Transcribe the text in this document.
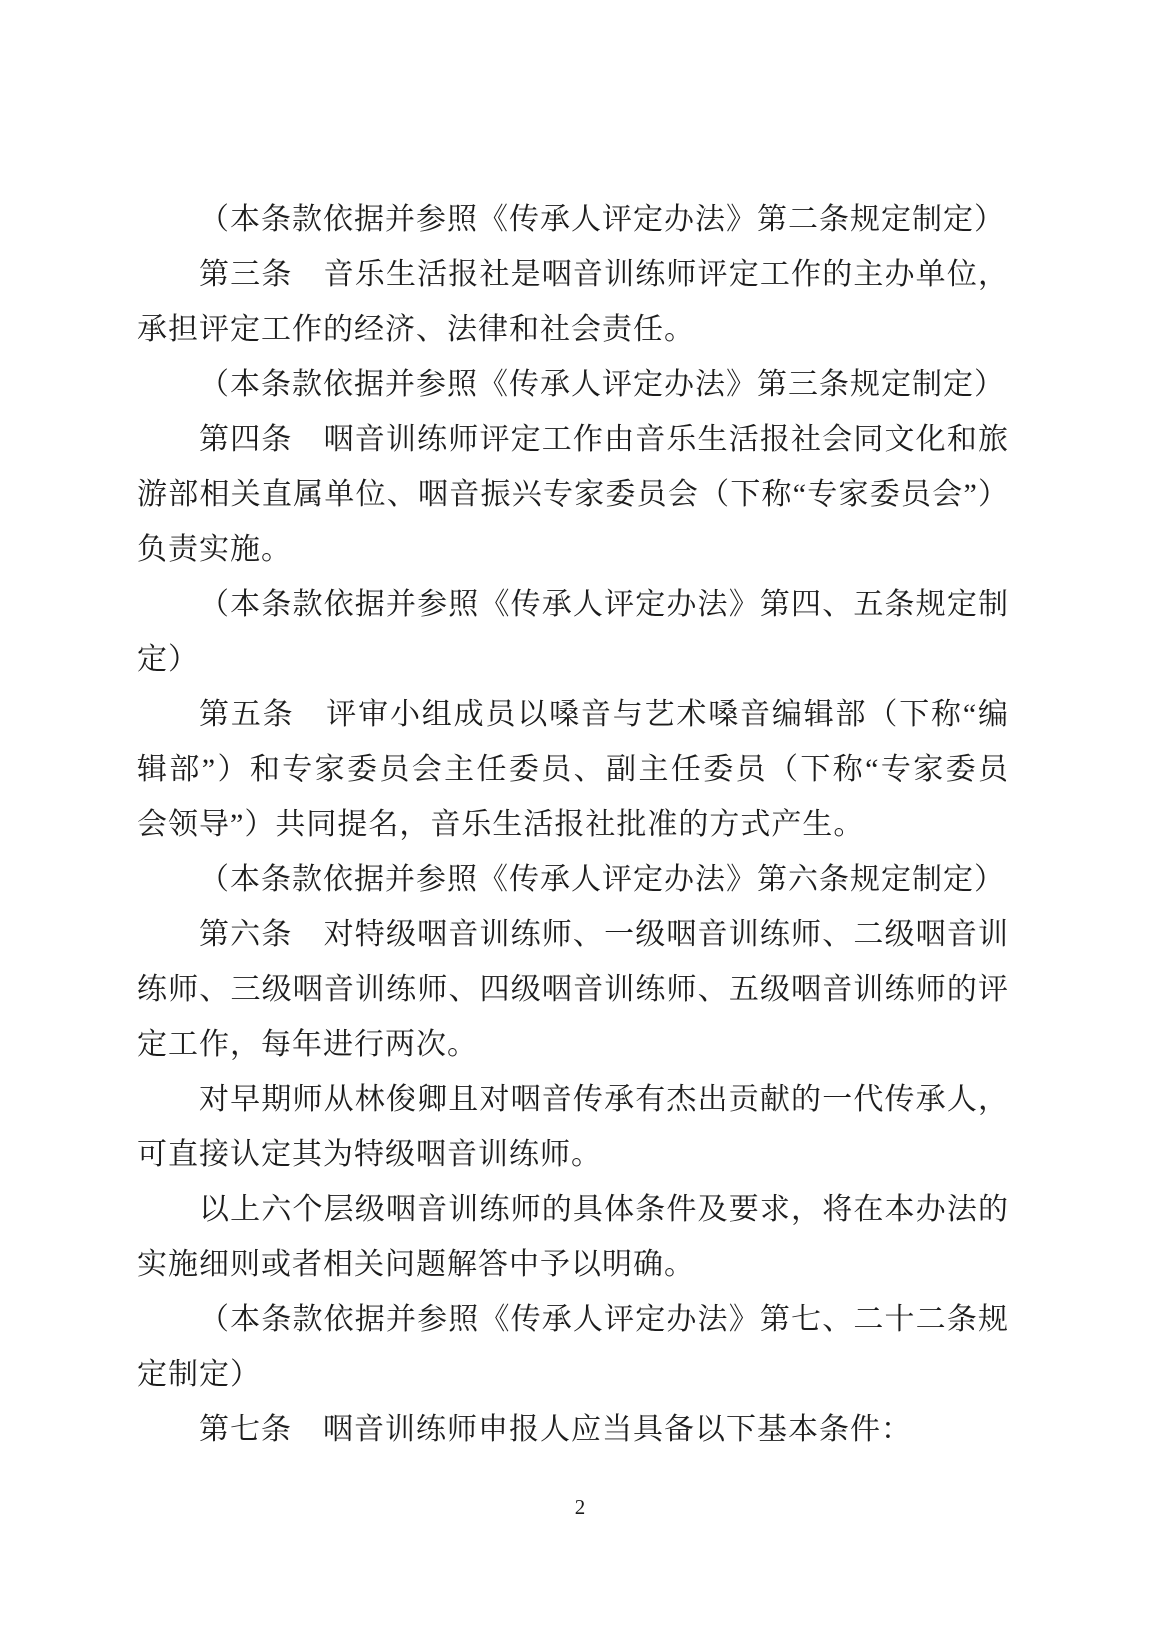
（本条款依据并参照《传承人评定办法》第二条规定制定）
第三条　音乐生活报社是咽音训练师评定工作的主办单位，
承担评定工作的经济、法律和社会责任。
（本条款依据并参照《传承人评定办法》第三条规定制定）
第四条　咽音训练师评定工作由音乐生活报社会同文化和旅
游部相关直属单位、咽音振兴专家委员会（下称“专家委员会”）
负责实施。
（本条款依据并参照《传承人评定办法》第四、五条规定制
定）
第五条　评审小组成员以嗓音与艺术嗓音编辑部（下称“编
辑部”）和专家委员会主任委员、副主任委员（下称“专家委员
会领导”）共同提名，音乐生活报社批准的方式产生。
（本条款依据并参照《传承人评定办法》第六条规定制定）
第六条　对特级咽音训练师、一级咽音训练师、二级咽音训
练师、三级咽音训练师、四级咽音训练师、五级咽音训练师的评
定工作，每年进行两次。
对早期师从林俊卿且对咽音传承有杰出贡献的一代传承人，
可直接认定其为特级咽音训练师。
以上六个层级咽音训练师的具体条件及要求，将在本办法的
实施细则或者相关问题解答中予以明确。
（本条款依据并参照《传承人评定办法》第七、二十二条规
定制定）
第七条　咽音训练师申报人应当具备以下基本条件：
2
